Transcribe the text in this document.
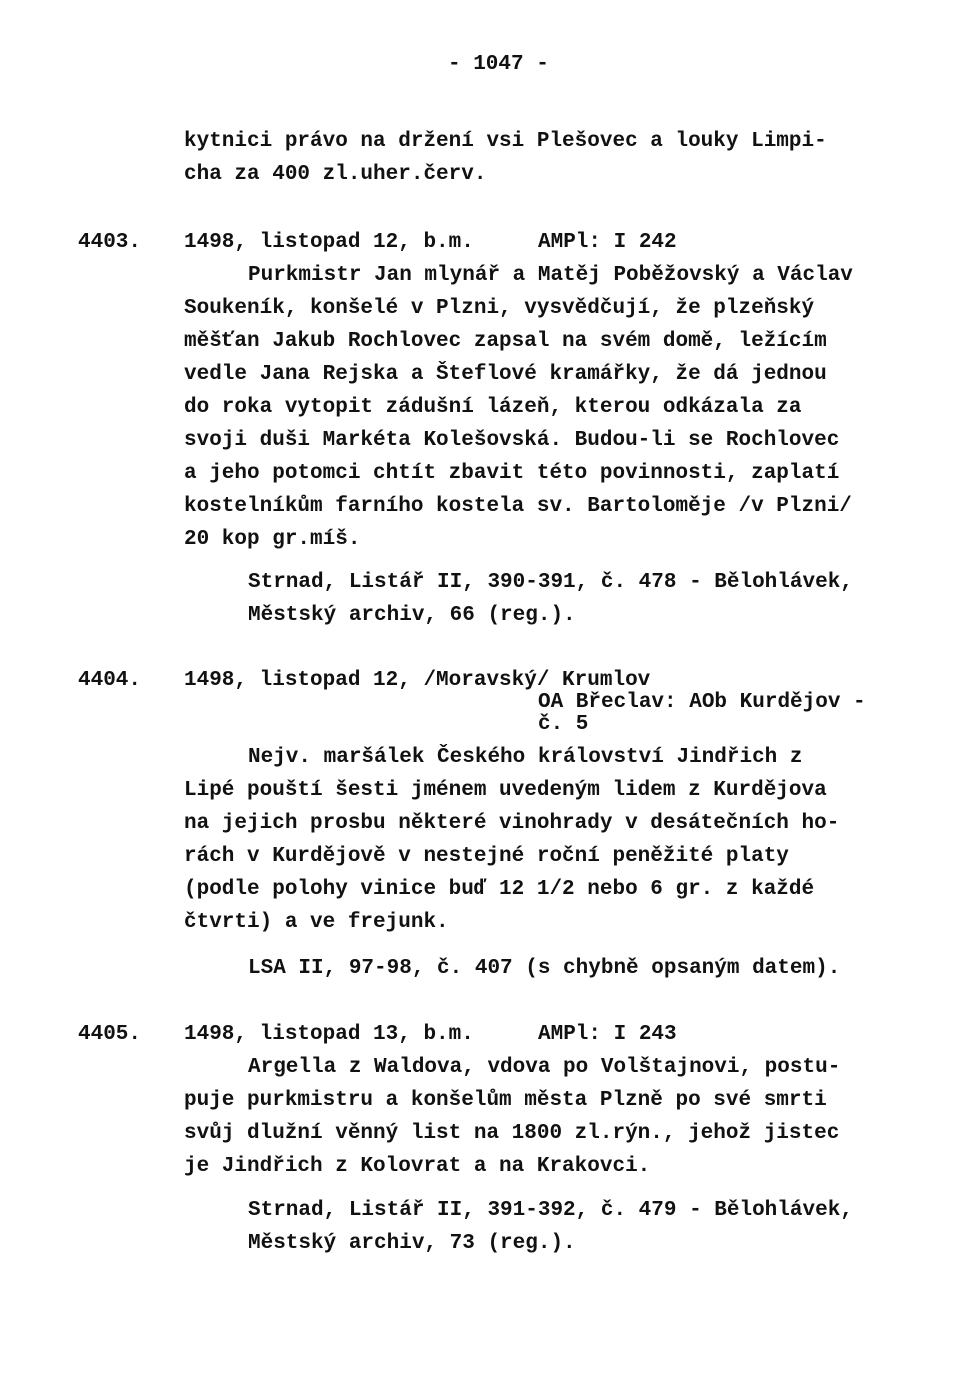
- 1047 -
kytnici právo na držení vsi Plešovec a louky Limpi-
cha za 400 zl.uher.červ.
4403. 1498, listopad 12, b.m.	AMPl: I 242
Purkmistr Jan mlynář a Matěj Poběžovský a Václav
Soukeník, konšelé v Plzni, vysvědčují, že plzeňský
měšťan Jakub Rochlovec zapsal na svém domě, ležícím
vedle Jana Rejska a Šteflové kramářky, že dá jednou
do roka vytopit zádušní lázeň, kterou odkázala za
svoji duši Markéta Kolešovská. Budou-li se Rochlovec
a jeho potomci chtít zbavit této povinnosti, zaplatí
kostelníkům farního kostela sv. Bartoloměje /v Plzni/
20 kop gr.míš.
Strnad, Listář II, 390-391, č. 478 - Bělohlávek,
Městský archiv, 66 (reg.).
4404. 1498, listopad 12, /Moravský/ Krumlov
OA Břeclav: AOb Kurdějov -
č. 5
Nejv. maršálek Českého království Jindřich z
Lipé pouští šesti jménem uvedeným lidem z Kurdějova
na jejich prosbu některé vinohrady v desátečních ho-
rách v Kurdějově v nestejné roční peněžité platy
(podle polohy vinice buď 12 1/2 nebo 6 gr. z každé
čtvrti) a ve frejunk.
LSA II, 97-98, č. 407 (s chybně opsaným datem).
4405. 1498, listopad 13, b.m.	AMPl: I 243
Argella z Waldova, vdova po Volštajnovi, postu-
puje purkmistru a konšelům města Plzně po své smrti
svůj dlužní věnný list na 1800 zl.rýn., jehož jistec
je Jindřich z Kolovrat a na Krakovci.
Strnad, Listář II, 391-392, č. 479 - Bělohlávek,
Městský archiv, 73 (reg.).
